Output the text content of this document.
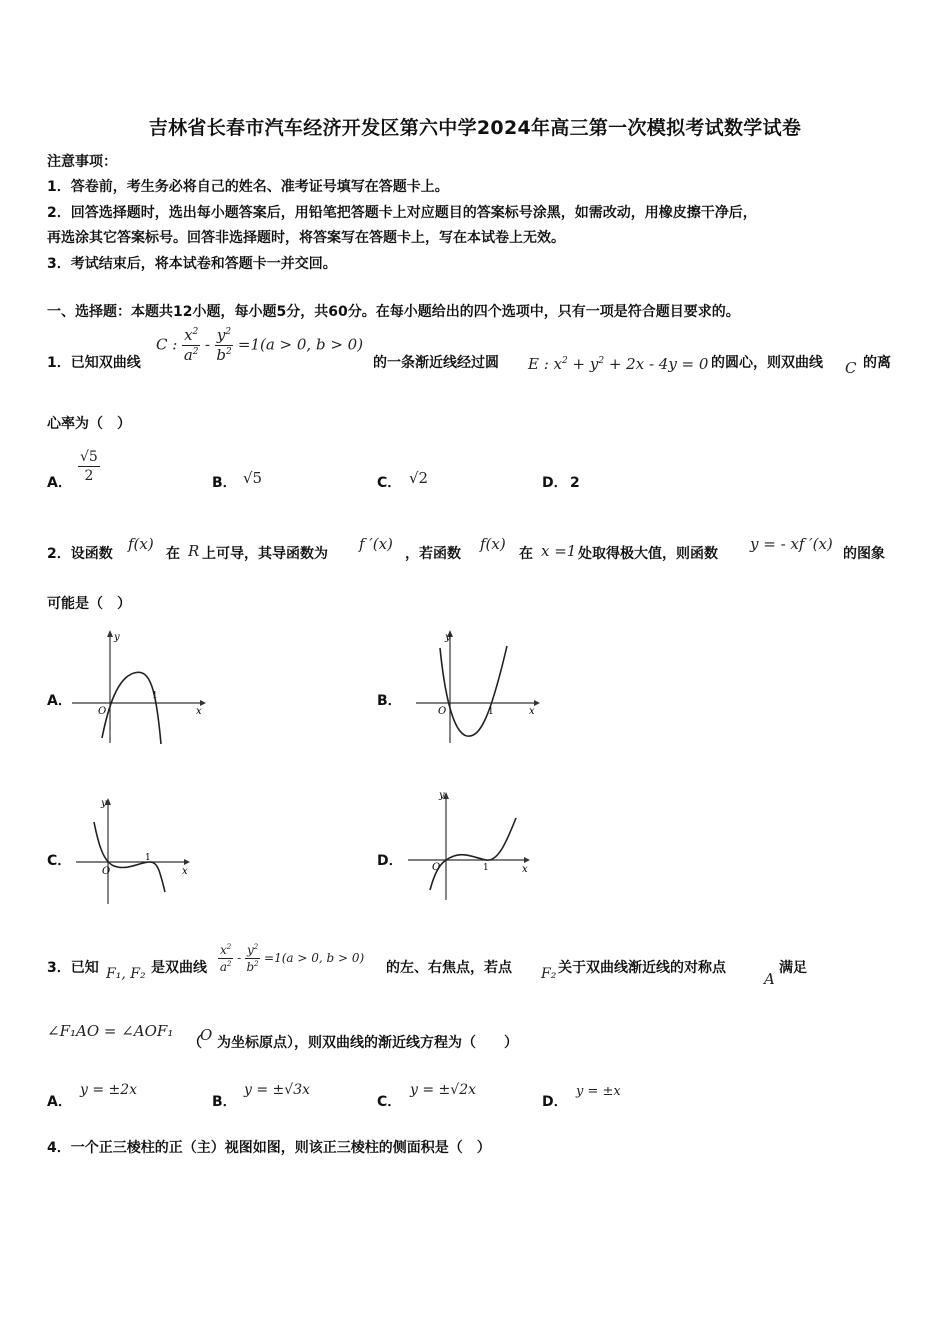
吉林省长春市汽车经济开发区第六中学2024年高三第一次模拟考试数学试卷
注意事项：
1．答卷前，考生务必将自己的姓名、准考证号填写在答题卡上。
2．回答选择题时，选出每小题答案后，用铅笔把答题卡上对应题目的答案标号涂黑，如需改动，用橡皮擦干净后，
再选涂其它答案标号。回答非选择题时，将答案写在答题卡上，写在本试卷上无效。
3．考试结束后，将本试卷和答题卡一并交回。
一、选择题：本题共12小题，每小题5分，共60分。在每小题给出的四个选项中，只有一项是符合题目要求的。
1．已知双曲线
C : $\frac{x^2}{a^2} - \frac{y^2}{b^2} =1(a > 0$, b > 0)
的一条渐近线经过圆 E : $x^2 + y^2 + 2x - 4y = 0$ 的圆心，则双曲线 C 的离
心率为（　）
A． $\frac{√5}{2}$	B． √5	C． √2	D． 2
2．设函数
f(x)
在 R 上可导，其导函数为
f ′(x)
，若函数
f(x)
在 x =1 处取得极大值，则函数
y = - xf ′(x)
的图象
可能是（　）
A．
y
x
O
1	B．
y
x
O	1
C．
y
x
O
1	D．
y
x
O	1
3．已知 F₁, F₂ 是双曲线 $\frac{x^2}{a^2} - \frac{y^2}{b^2} =1(a > 0$, b > 0)
的左、右焦点，若点 F₂ 关于双曲线渐近线的对称点
A
满足
∠F₁AO = ∠AOF₁
（
O 为坐标原点），则双曲线的渐近线方程为（　　）
A．
y = ±2x
B．
y = ±√3x
C．
y = ±√2x
D．
y = ±x
4．一个正三棱柱的正（主）视图如图，则该正三棱柱的侧面积是（　）
